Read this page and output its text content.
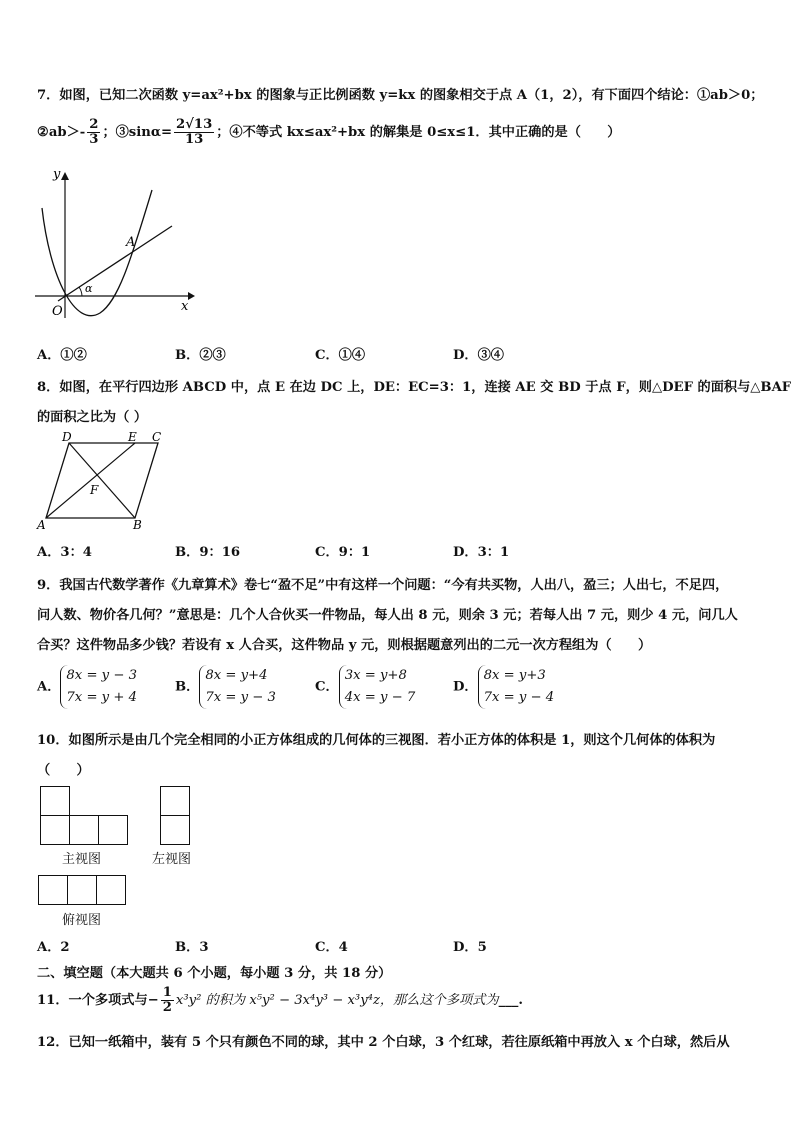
7．如图，已知二次函数 y=ax²+bx 的图象与正比例函数 y=kx 的图象相交于点 A（1，2），有下面四个结论：①ab＞0；
②ab＞- $\frac{2}{3}$ ；③sinα= $\frac{2√13}{13}$ ；④不等式 kx≤ax²+bx 的解集是 0≤x≤1．其中正确的是（　　）
y
x
A
O
α
A．①②	B．②③	C．①④	D．③④
8．如图，在平行四边形 ABCD 中，点 E 在边 DC 上，DE：EC=3：1，连接 AE 交 BD 于点 F，则△DEF 的面积与△BAF
的面积之比为（ ）
D	E C
F
A	B
A．3：4	B．9：16	C．9：1	D．3：1
9．我国古代数学著作《九章算术》卷七“盈不足”中有这样一个问题：“今有共买物，人出八，盈三；人出七，不足四，
问人数、物价各几何？”意思是：几个人合伙买一件物品，每人出 8 元，则余 3 元；若每人出 7 元，则少 4 元，问几人
合买？这件物品多少钱？若设有 x 人合买，这件物品 y 元，则根据题意列出的二元一次方程组为（　　）
A．
8x = y − 3
7x = y + 4
B．
8x = y+4
7x = y − 3
C．
3x = y+8
4x = y − 7
D．
8x = y+3
7x = y − 4
10．如图所示是由几个完全相同的小正方体组成的几何体的三视图．若小正方体的体积是 1，则这个几何体的体积为
（　　）
主视图	左视图
俯视图
A．2	B．3	C．4	D．5
二、填空题（本大题共 6 个小题，每小题 3 分，共 18 分）
11．一个多项式与− $\frac{1}{2} x^3y^2$ 的积为 x⁵y² − 3x⁴y³ − x³y⁴z，那么这个多项式为___.
12．已知一纸箱中，装有 5 个只有颜色不同的球，其中 2 个白球，3 个红球，若往原纸箱中再放入 x 个白球，然后从
